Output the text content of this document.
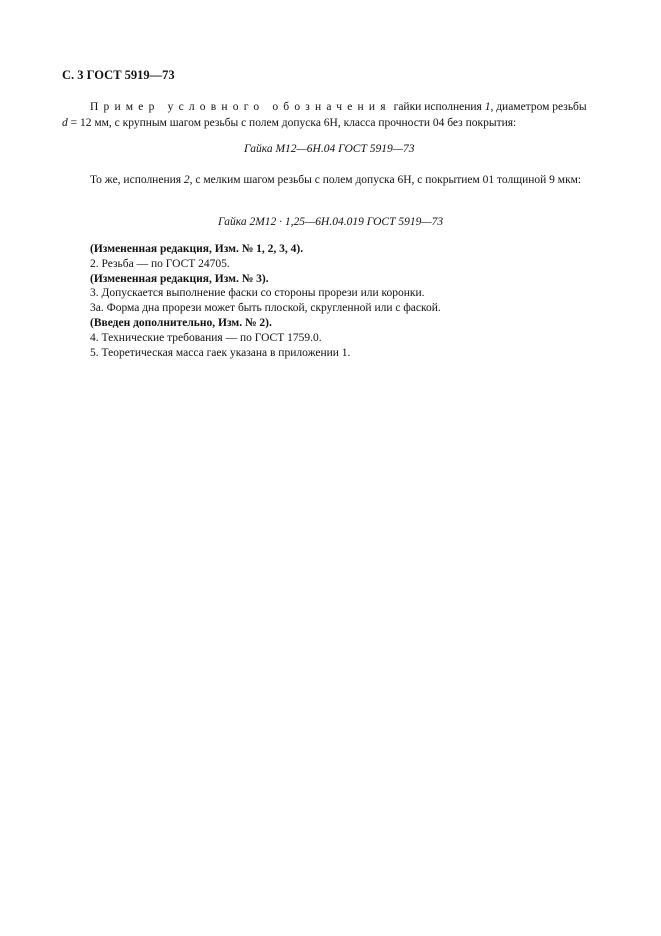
С. 3 ГОСТ 5919—73
Пример условного обозначения гайки исполнения 1, диаметром резьбы
d = 12 мм, с крупным шагом резьбы с полем допуска 6Н, класса прочности 04 без покрытия:
Гайка М12—6Н.04 ГОСТ 5919—73
То же, исполнения 2, с мелким шагом резьбы с полем допуска 6Н, с покрытием 01 толщиной 9 мкм:
Гайка 2М12 · 1,25—6Н.04.019 ГОСТ 5919—73
(Измененная редакция, Изм. № 1, 2, 3, 4).
2. Резьба — по ГОСТ 24705.
(Измененная редакция, Изм. № 3).
3. Допускается выполнение фаски со стороны прорези или коронки.
3а. Форма дна прорези может быть плоской, скругленной или с фаской.
(Введен дополнительно, Изм. № 2).
4. Технические требования — по ГОСТ 1759.0.
5. Теоретическая масса гаек указана в приложении 1.
